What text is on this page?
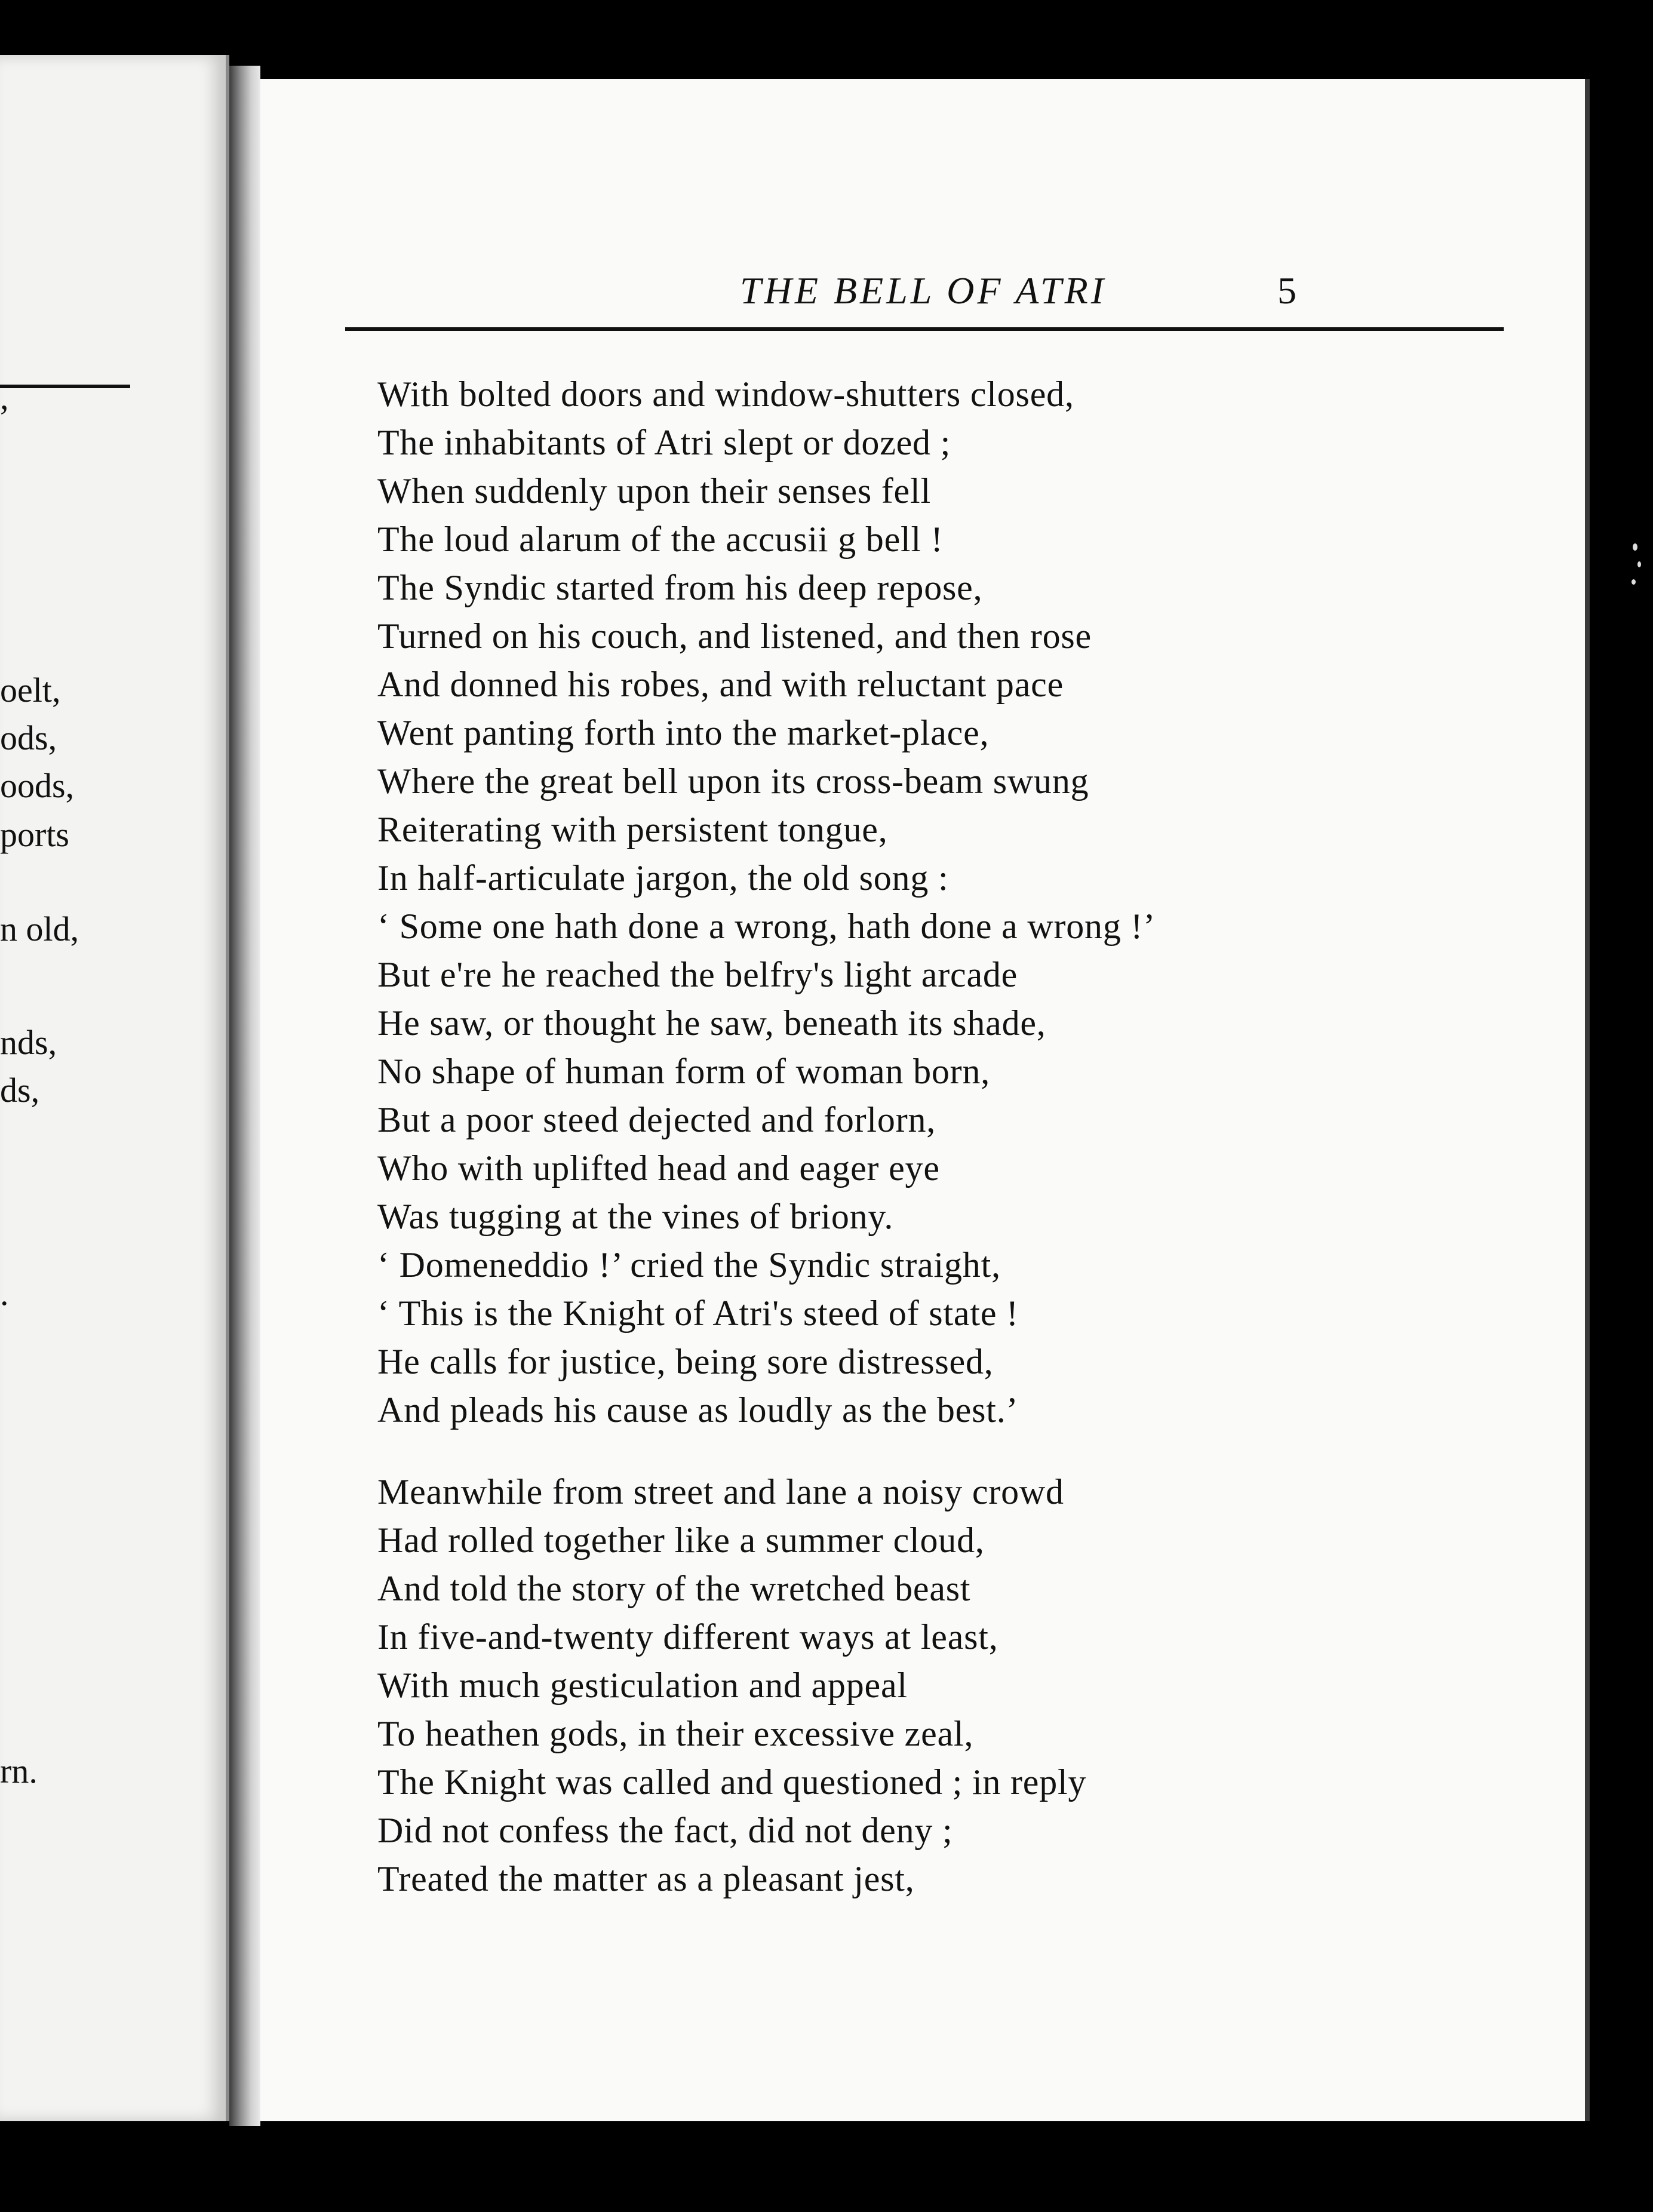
,
oelt,
ods,
oods,
ports
n old,
nds,
ds,
.
rn.
THE BELL OF ATRI	5
With bolted doors and window-shutters closed,
The inhabitants of Atri slept or dozed ;
When suddenly upon their senses fell
The loud alarum of the accusii g bell !
The Syndic started from his deep repose,
Turned on his couch, and listened, and then rose
And donned his robes, and with reluctant pace
Went panting forth into the market-place,
Where the great bell upon its cross-beam swung
Reiterating with persistent tongue,
In half-articulate jargon, the old song :
‘ Some one hath done a wrong, hath done a wrong !’
But e're he reached the belfry's light arcade
He saw, or thought he saw, beneath its shade,
No shape of human form of woman born,
But a poor steed dejected and forlorn,
Who with uplifted head and eager eye
Was tugging at the vines of briony.
‘ Domeneddio !’ cried the Syndic straight,
‘ This is the Knight of Atri's steed of state !
He calls for justice, being sore distressed,
And pleads his cause as loudly as the best.’
Meanwhile from street and lane a noisy crowd
Had rolled together like a summer cloud,
And told the story of the wretched beast
In five-and-twenty different ways at least,
With much gesticulation and appeal
To heathen gods, in their excessive zeal,
The Knight was called and questioned ; in reply
Did not confess the fact, did not deny ;
Treated the matter as a pleasant jest,
